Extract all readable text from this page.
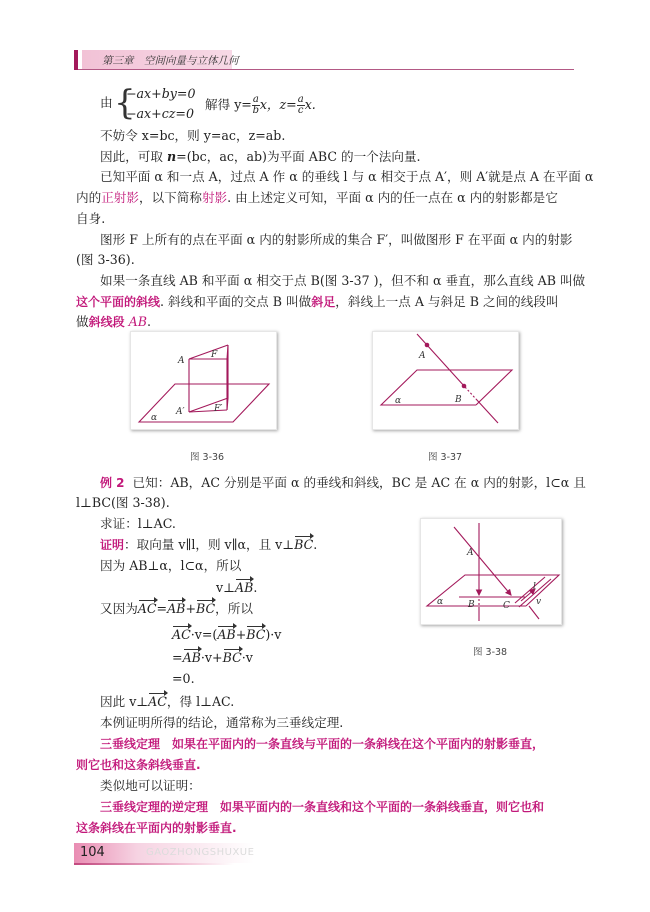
第三章　空间向量与立体几何
由 {
−ax+by=0
−ax+cz=0
解得 $y= \frac{a}{b}$ x，$z= \frac{a}{c} x$.
不妨令 x=bc，则 y=ac，z=ab.
因此，可取 n=(bc，ac，ab)为平面 ABC 的一个法向量.
已知平面 α 和一点 A，过点 A 作 α 的垂线 l 与 α 相交于点 A′，则 A′就是点 A 在平面 α
内的正射影，以下简称射影. 由上述定义可知，平面 α 内的任一点在 α 内的射影都是它
自身.
图形 F 上所有的点在平面 α 内的射影所成的集合 F′，叫做图形 F 在平面 α 内的射影
(图 3-36).
如果一条直线 AB 和平面 α 相交于点 B(图 3-37 )，但不和 α 垂直，那么直线 AB 叫做
这个平面的斜线. 斜线和平面的交点 B 叫做斜足，斜线上一点 A 与斜足 B 之间的线段叫
做斜线段 AB.
A
F
A′	F′
α
图 3-36
A
B
α
图 3-37
例 2 已知：AB，AC 分别是平面 α 的垂线和斜线，BC 是 AC 在 α 内的射影，l⊂α 且
l⊥BC(图 3-38).
求证：l⊥AC.
证明：取向量 v∥l，则 v∥α，且 v⊥BC.
因为 AB⊥α，l⊂α，所以
v⊥AB.
又因为AC=AB+BC，所以
AC·v=(AB+BC)·v
=AB·v+BC·v
=0.
因此 v⊥AC，得 l⊥AC.
本例证明所得的结论，通常称为三垂线定理.
A
B	C
l
v
α
图 3-38
三垂线定理 如果在平面内的一条直线与平面的一条斜线在这个平面内的射影垂直，
则它也和这条斜线垂直.
类似地可以证明：
三垂线定理的逆定理 如果平面内的一条直线和这个平面的一条斜线垂直，则它也和
这条斜线在平面内的射影垂直.
104	GAOZHONGSHUXUE
